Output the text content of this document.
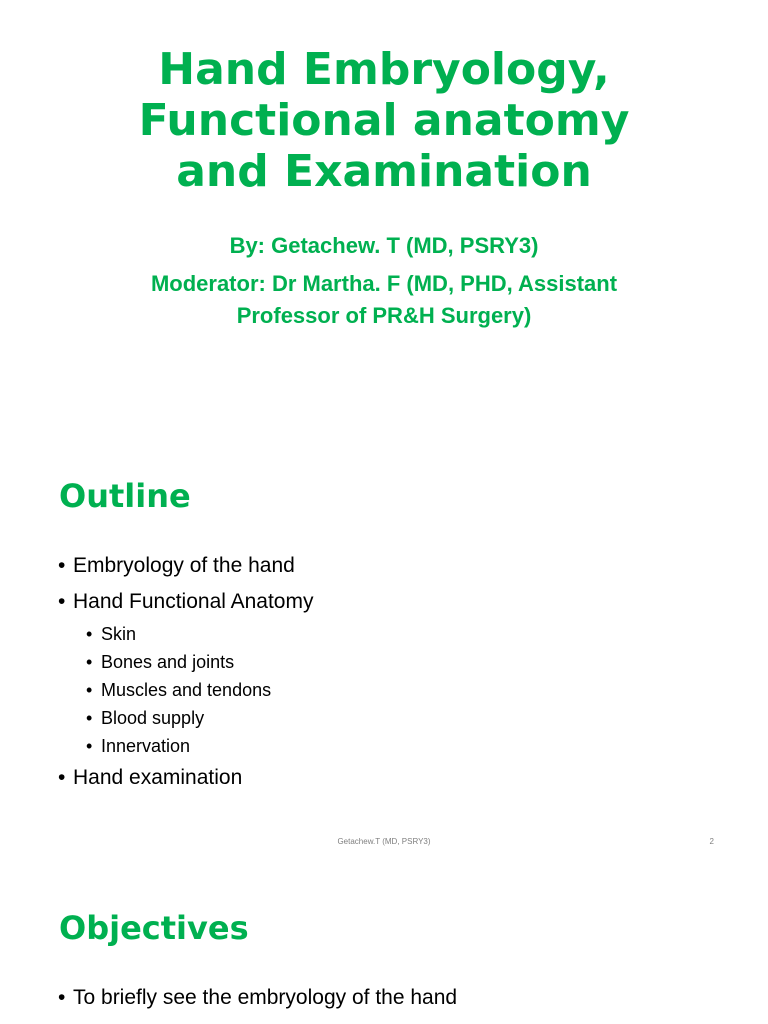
Hand Embryology,
Functional anatomy
and Examination
By: Getachew. T (MD, PSRY3)
Moderator: Dr Martha. F (MD, PHD, Assistant
Professor of PR&H Surgery)
Outline
• Embryology of the hand
• Hand Functional Anatomy
• Skin
• Bones and joints
• Muscles and tendons
• Blood supply
• Innervation
• Hand examination
Getachew.T (MD, PSRY3)	2
Objectives
• To briefly see the embryology of the hand
